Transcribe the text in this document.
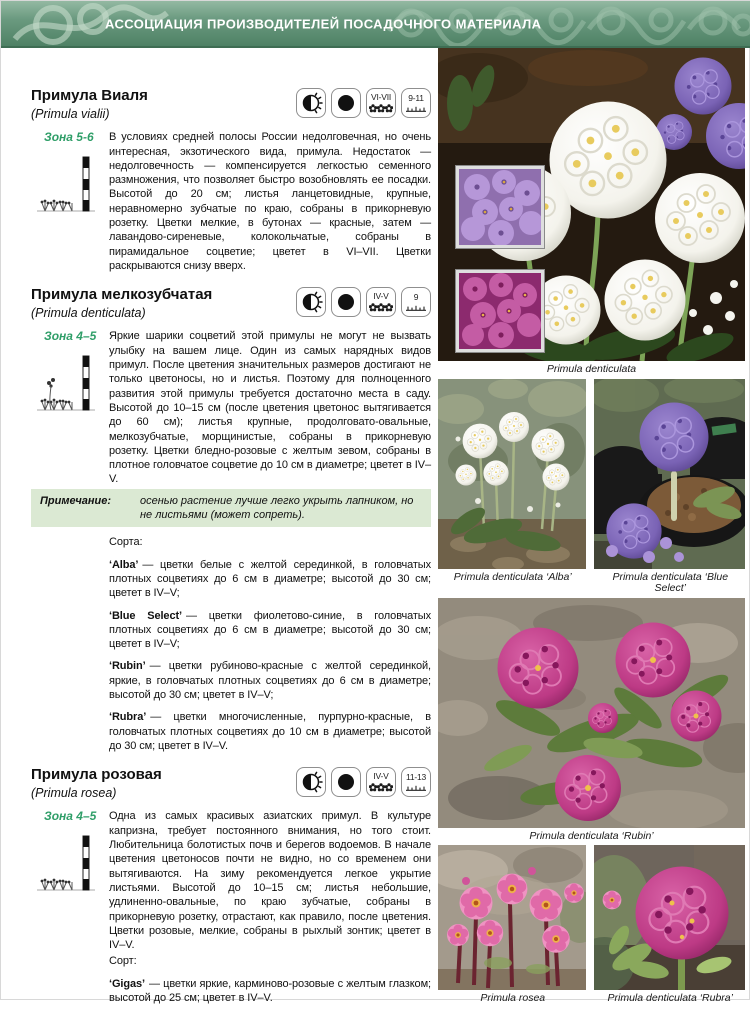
АССОЦИАЦИЯ ПРОИЗВОДИТЕЛЕЙ ПОСАДОЧНОГО МАТЕРИАЛА
Примула Виаля
(Primula vialii)
VI-VII 9-11
Зона 5-6	В условиях средней полосы России недолговечная, но очень интересная, экзотического вида, примула. Недостаток — недолговечность — компенсируется легкостью семенного размножения, что позволяет быстро возобновлять ее посадки. Высотой до 20 см; листья ланцетовидные, крупные, неравномерно зубчатые по краю, собраны в прикорневую розетку. Цветки мелкие, в бутонах — красные, затем — лавандово-сиреневые, колокольчатые, собраны в пирамидальное соцветие; цветет в VI–VII. Цветки раскрываются снизу вверх.

Примула мелкозубчатая
(Primula denticulata)
IV-V	9
Зона 4–5	Яркие шарики соцветий этой примулы не могут не вызвать улыбку на вашем лице. Один из самых нарядных видов примул. После цветения значительных размеров достигают не только цветоносы, но и листья. Поэтому для полноценного развития этой примулы требуется достаточно места в саду. Высотой до 10–15 см (после цветения цветонос вытягивается до 60 см); листья крупные, продолговато-овальные, мелкозубчатые, морщинистые, собраны в прикорневую розетку. Цветки бледно-розовые с желтым зевом, собраны в плотное головчатое соцветие до 10 см в диаметре; цветет в IV–V.

Примечание:	осенью растение лучше легко укрыть лапником, но не листьями (может сопреть).

Сорта:

‘Alba’ — цветки белые с желтой серединкой, в головчатых плотных соцветиях до 6 см в диаметре; высотой до 30 см; цветет в IV–V;

‘Blue Select’ — цветки фиолетово-синие, в головчатых плотных соцветиях до 6 см в диаметре; высотой до 30 см; цветет в IV–V;

‘Rubin’ — цветки рубиново-красные с желтой серединкой, яркие, в головчатых плотных соцветиях до 6 см в диаметре; высотой до 30 см; цветет в IV–V;

‘Rubra’ — цветки многочисленные, пурпурно-красные, в головчатых плотных соцветиях до 10 см в диаметре; высотой до 30 см; цветет в IV–V.

Примула розовая
(Primula rosea)
IV-V 11-13
Зона 4–5	Одна из самых красивых азиатских примул. В культуре капризна, требует постоянного внимания, но того стоит. Любительница болотистых почв и берегов водоемов. В начале цветения цветоносов почти не видно, но со временем они вытягиваются. На зиму рекомендуется легкое укрытие листьями. Высотой до 10–15 см; листья небольшие, удлиненно-овальные, по краю зубчатые, собраны в прикорневую розетку, отрастают, как правило, после цветения. Цветки розовые, мелкие, собраны в рыхлый зонтик; цветет в IV–V.

Сорт:

‘Gigas’ — цветки яркие, карминово-розовые с желтым глазком; высотой до 25 см; цветет в IV–V.

Primula denticulata
Primula denticulata ‘Alba’	Primula denticulata ‘Blue Select’
Primula denticulata ‘Rubin’
Primula rosea	Primula denticulata ‘Rubra’
